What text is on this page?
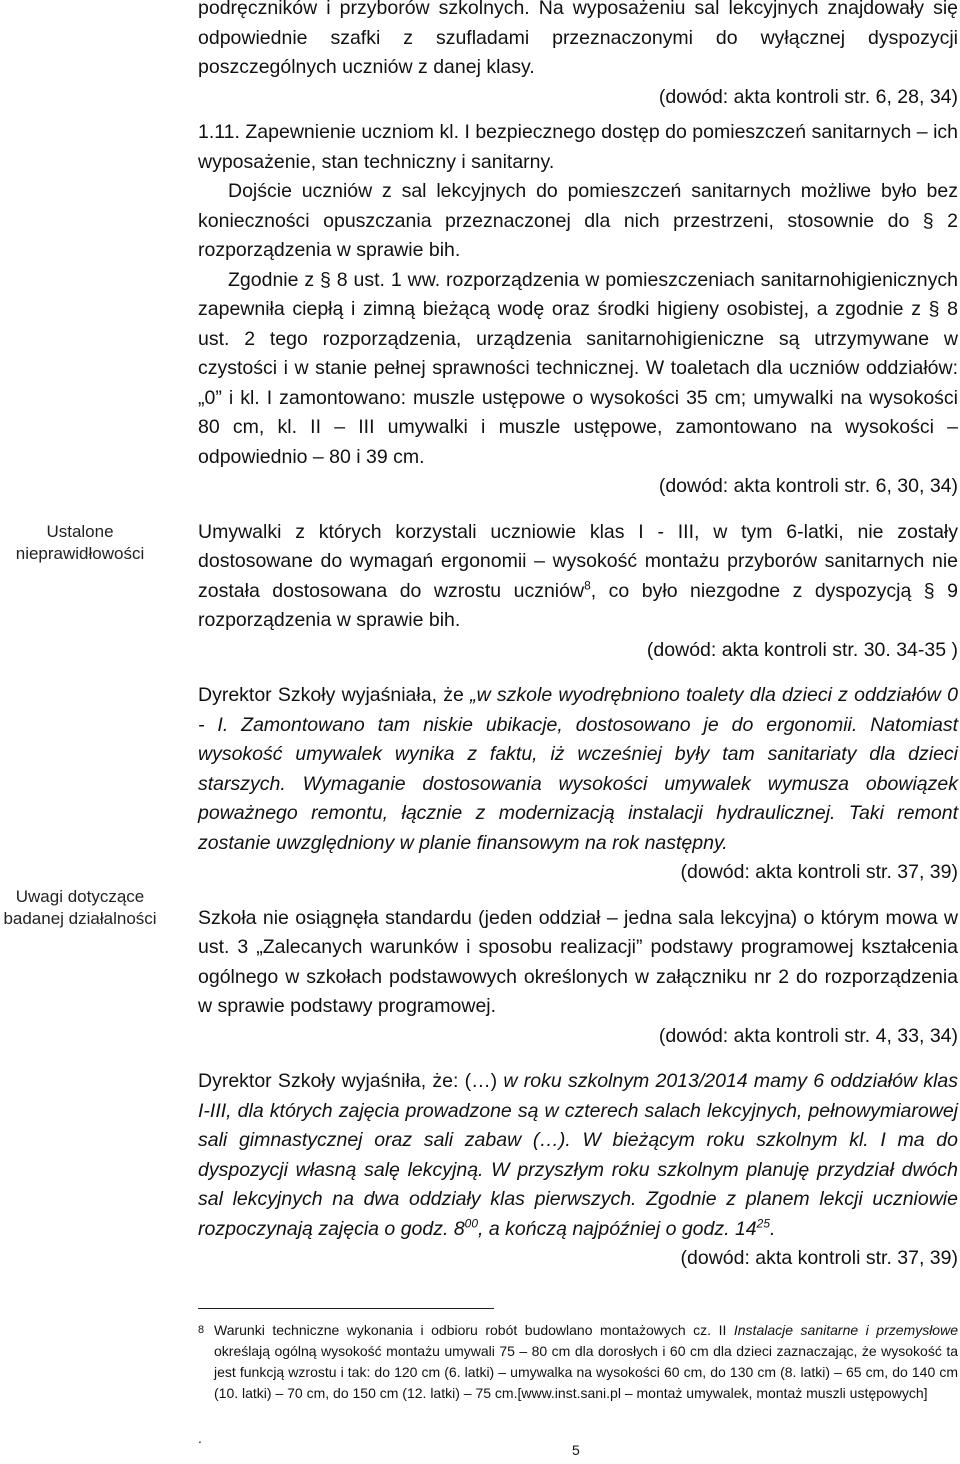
Ustalone
nieprawidłowości
Uwagi dotyczące
badanej działalności

podręczników i przyborów szkolnych. Na wyposażeniu sal lekcyjnych znajdowały się odpowiednie szafki z szufladami przeznaczonymi do wyłącznej dyspozycji poszczególnych uczniów z danej klasy.

(dowód: akta kontroli str. 6, 28, 34)

1.11. Zapewnienie uczniom kl. I bezpiecznego dostęp do pomieszczeń sanitarnych – ich wyposażenie, stan techniczny i sanitarny.

Dojście uczniów z sal lekcyjnych do pomieszczeń sanitarnych możliwe było bez konieczności opuszczania przeznaczonej dla nich przestrzeni, stosownie do § 2 rozporządzenia w sprawie bih.

Zgodnie z § 8 ust. 1 ww. rozporządzenia w pomieszczeniach sanitarnohigienicznych zapewniła ciepłą i zimną bieżącą wodę oraz środki higieny osobistej, a zgodnie z § 8 ust. 2 tego rozporządzenia, urządzenia sanitarnohigieniczne są utrzymywane w czystości i w stanie pełnej sprawności technicznej. W toaletach dla uczniów oddziałów: „0” i kl. I zamontowano: muszle ustępowe o wysokości 35 cm; umywalki na wysokości 80 cm, kl. II – III umywalki i muszle ustępowe, zamontowano na wysokości – odpowiednio – 80 i 39 cm.

(dowód: akta kontroli str. 6, 30, 34)

Umywalki z których korzystali uczniowie klas I - III, w tym 6-latki, nie zostały dostosowane do wymagań ergonomii – wysokość montażu przyborów sanitarnych nie została dostosowana do wzrostu uczniów$^8$, co było niezgodne z dyspozycją § 9 rozporządzenia w sprawie bih.

(dowód: akta kontroli str. 30. 34-35 )

Dyrektor Szkoły wyjaśniała, że „w szkole wyodrębniono toalety dla dzieci z oddziałów 0 - I. Zamontowano tam niskie ubikacje, dostosowano je do ergonomii. Natomiast wysokość umywalek wynika z faktu, iż wcześniej były tam sanitariaty dla dzieci starszych. Wymaganie dostosowania wysokości umywalek wymusza obowiązek poważnego remontu, łącznie z modernizacją instalacji hydraulicznej. Taki remont zostanie uwzględniony w planie finansowym na rok następny.

(dowód: akta kontroli str. 37, 39)

Szkoła nie osiągnęła standardu (jeden oddział – jedna sala lekcyjna) o którym mowa w ust. 3 „Zalecanych warunków i sposobu realizacji” podstawy programowej kształcenia ogólnego w szkołach podstawowych określonych w załączniku nr 2 do rozporządzenia w sprawie podstawy programowej.

(dowód: akta kontroli str. 4, 33, 34)

Dyrektor Szkoły wyjaśniła, że: (…) w roku szkolnym 2013/2014 mamy 6 oddziałów klas I-III, dla których zajęcia prowadzone są w czterech salach lekcyjnych, pełnowymiarowej sali gimnastycznej oraz sali zabaw (…). W bieżącym roku szkolnym kl. I ma do dyspozycji własną salę lekcyjną. W przyszłym roku szkolnym planuję przydział dwóch sal lekcyjnych na dwa oddziały klas pierwszych. Zgodnie z planem lekcji uczniowie rozpoczynają zajęcia o godz. $8^{00}$, a kończą najpóźniej o godz. $14^{25}$.

(dowód: akta kontroli str. 37, 39)

8 Warunki techniczne wykonania i odbioru robót budowlano montażowych cz. II Instalacje sanitarne i przemysłowe określają ogólną wysokość montażu umywali 75 – 80 cm dla dorosłych i 60 cm dla dzieci zaznaczając, że wysokość ta jest funkcją wzrostu i tak: do 120 cm (6. latki) – umywalka na wysokości 60 cm, do 130 cm (8. latki) – 65 cm, do 140 cm (10. latki) – 70 cm, do 150 cm (12. latki) – 75 cm.[www.inst.sani.pl – montaż umywalek, montaż muszli ustępowych]
.
5
